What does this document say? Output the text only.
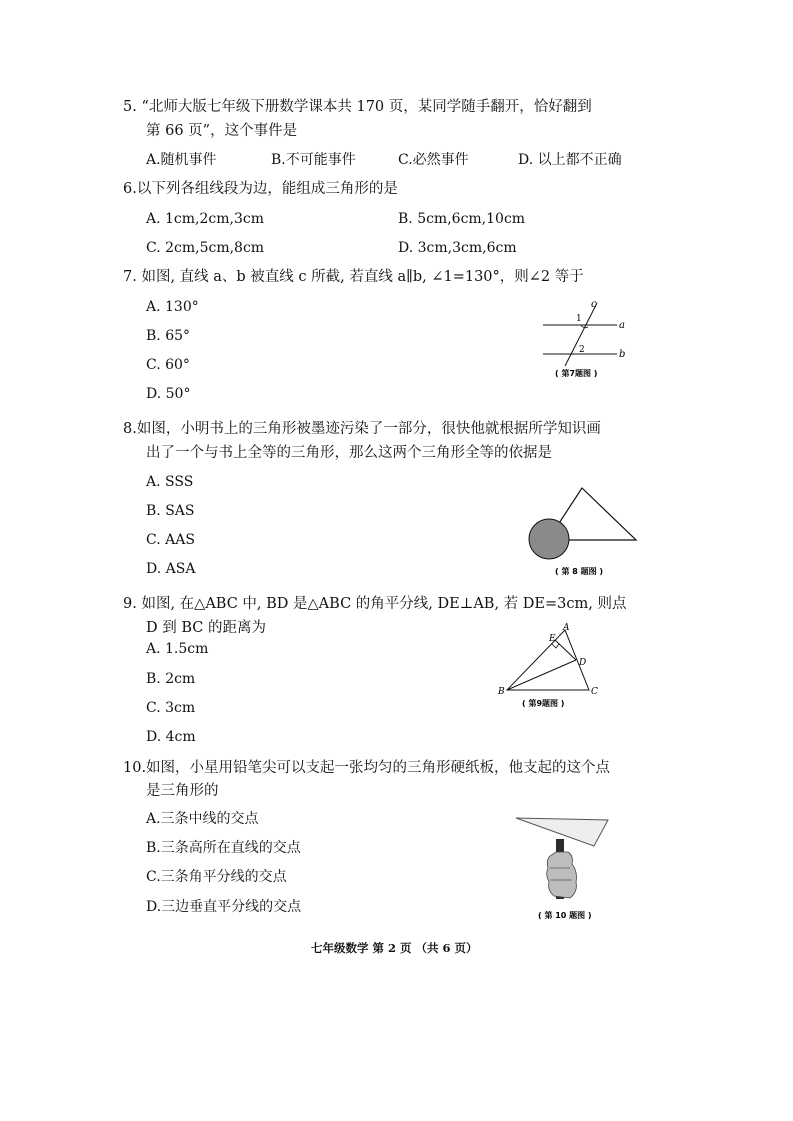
5. “北师大版七年级下册数学课本共 170 页，某同学随手翻开，恰好翻到
第 66 页”，这个事件是
A.随机事件	B.不可能事件	C.必然事件	D. 以上都不正确
6.以下列各组线段为边，能组成三角形的是
A. 1cm,2cm,3cm	B. 5cm,6cm,10cm
C. 2cm,5cm,8cm	D. 3cm,3cm,6cm
7. 如图, 直线 a、b 被直线 c 所截, 若直线 a∥b, ∠1=130°，则∠2 等于
A. 130°
B. 65°
C. 60°
D. 50°
c
a
b
1
2
( 第7题图 )
8.如图，小明书上的三角形被墨迹污染了一部分，很快他就根据所学知识画
出了一个与书上全等的三角形，那么这两个三角形全等的依据是
A. SSS
B. SAS
C. AAS
D. ASA	( 第 8 题图 )
9. 如图, 在△ABC 中, BD 是△ABC 的角平分线, DE⊥AB, 若 DE=3cm, 则点
D 到 BC 的距离为
A. 1.5cm
B. 2cm
C. 3cm
D. 4cm
A
E
D
B	C
( 第9题图 )
10.如图，小星用铅笔尖可以支起一张均匀的三角形硬纸板，他支起的这个点
是三角形的
A.三条中线的交点
B.三条高所在直线的交点
C.三条角平分线的交点
D.三边垂直平分线的交点
( 第 10 题图 )
七年级数学 第 2 页 （共 6 页）
